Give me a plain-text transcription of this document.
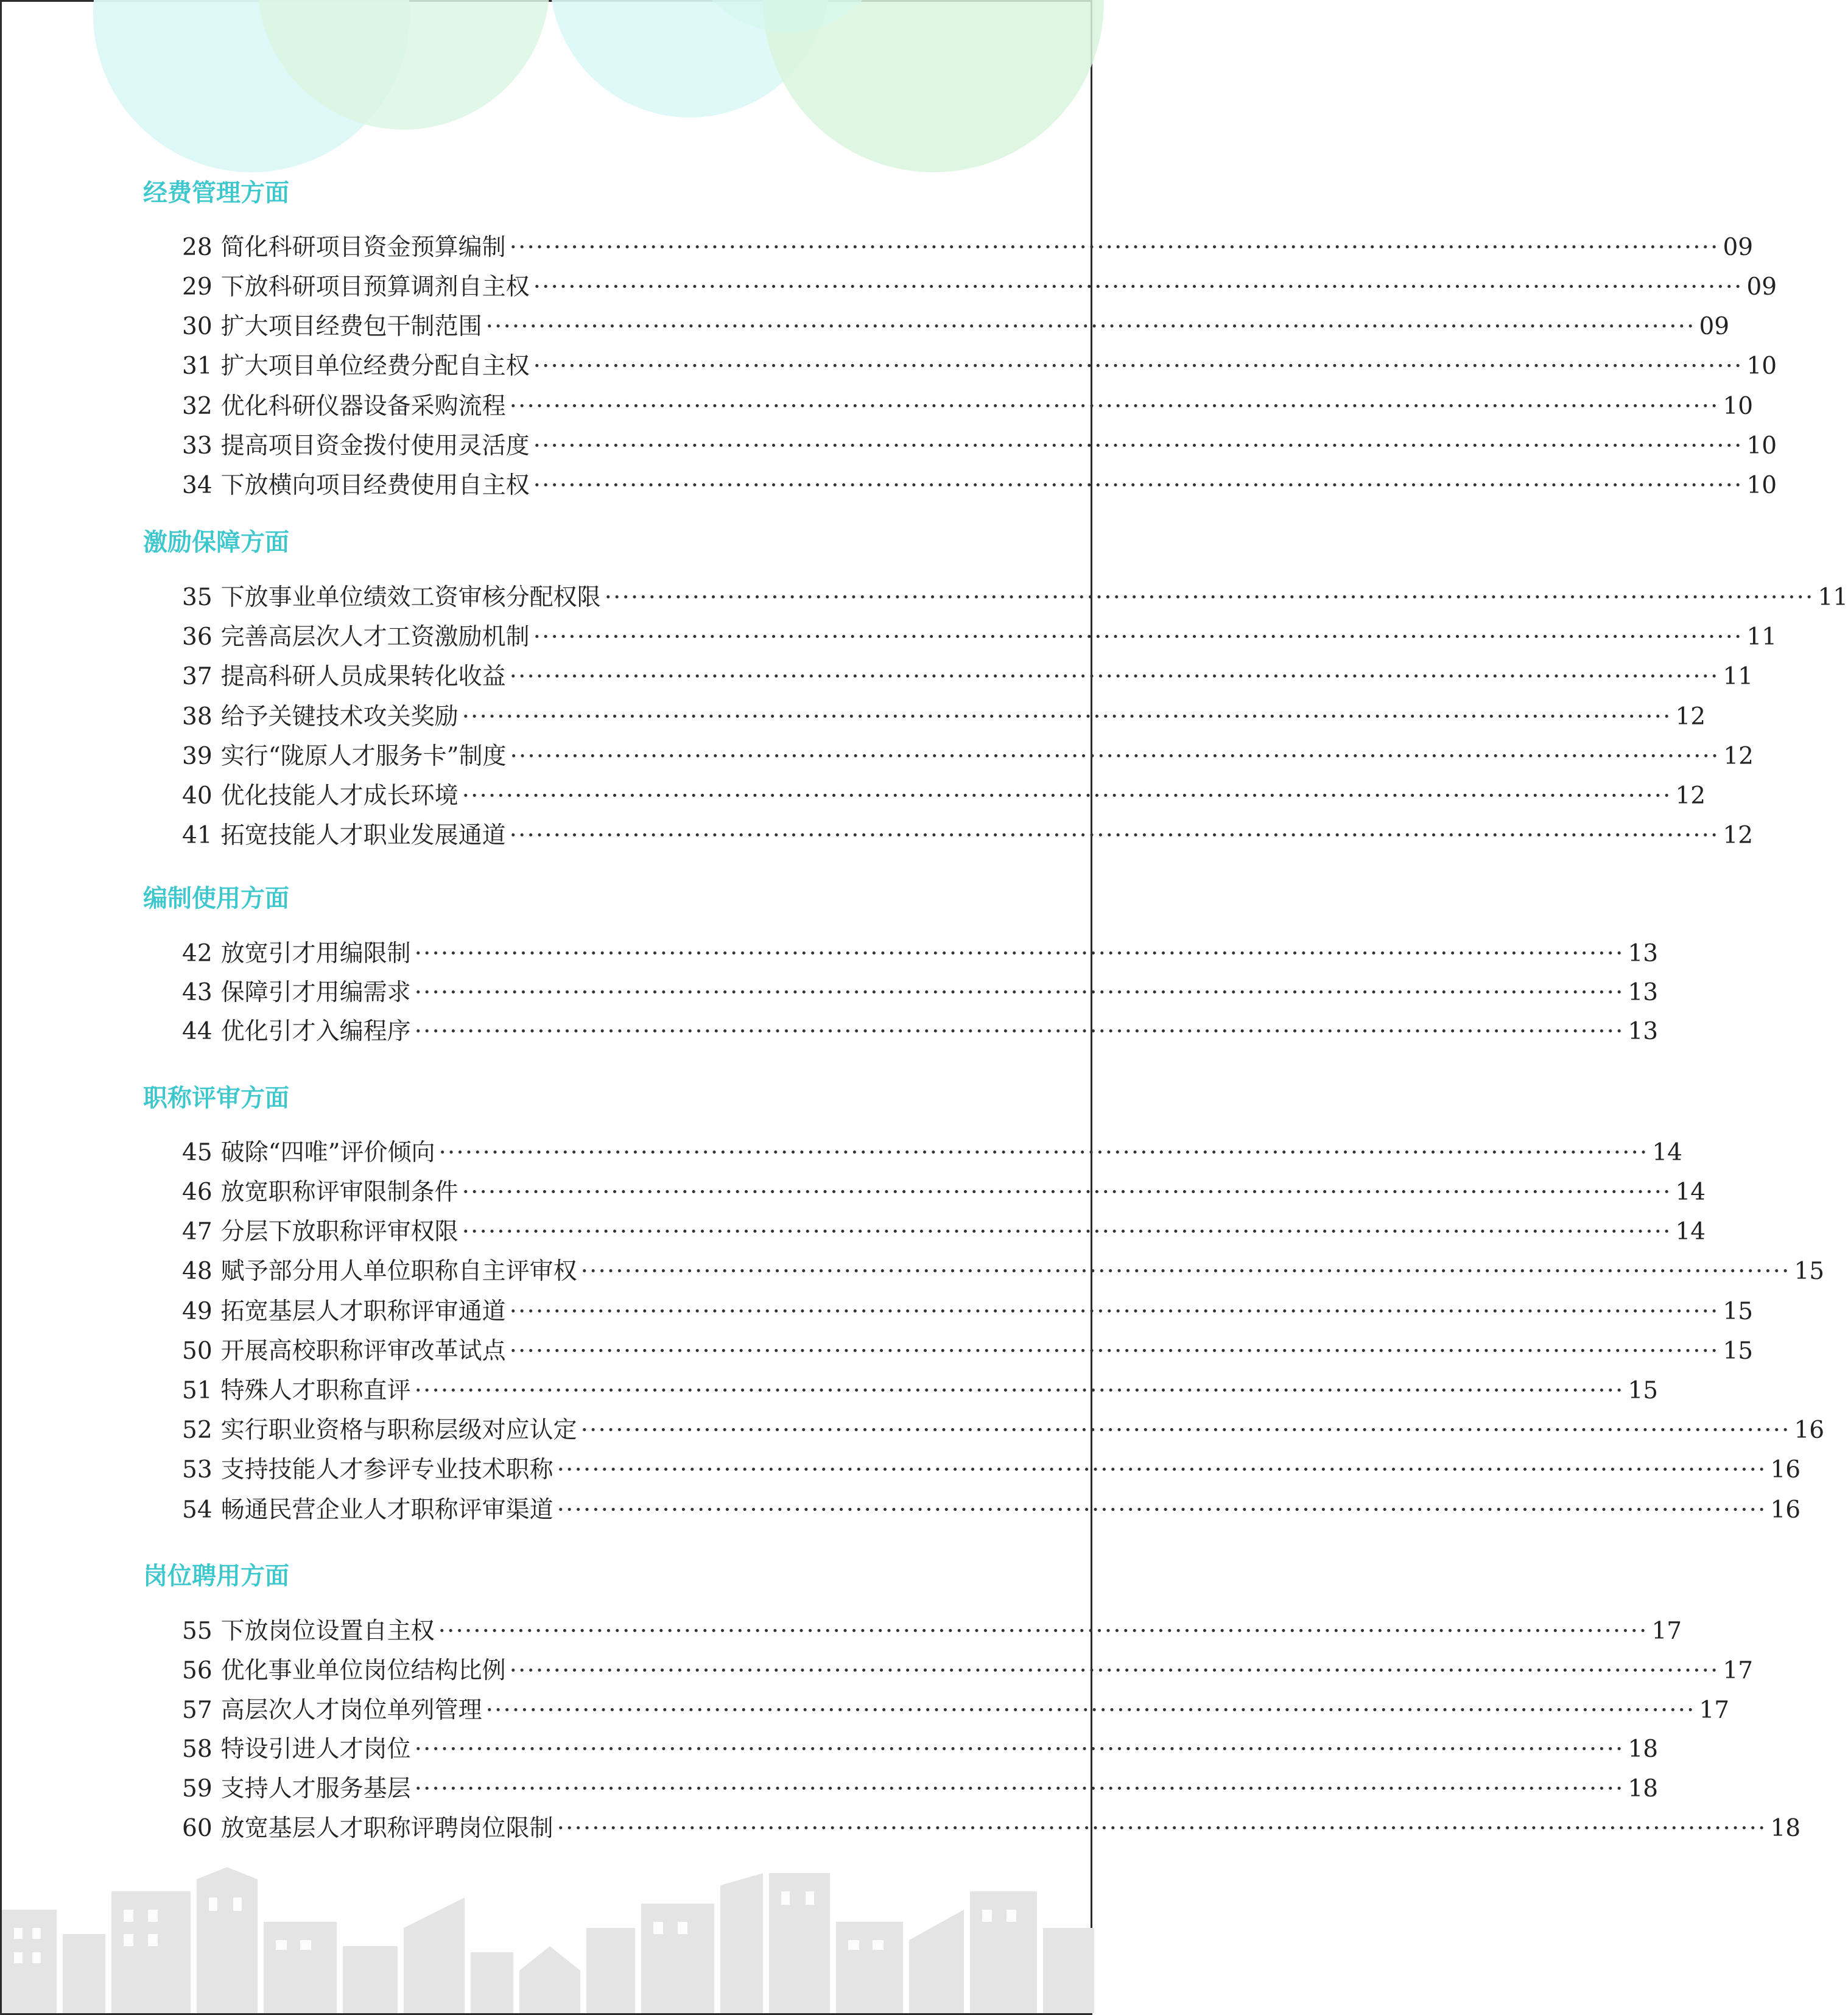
经费管理方面
28 简化科研项目资金预算编制 ·········································································································································· 09
29 下放科研项目预算调剂自主权 ·········································································································································· 09
30 扩大项目经费包干制范围 ·········································································································································· 09
31 扩大项目单位经费分配自主权 ·········································································································································· 10
32 优化科研仪器设备采购流程 ·········································································································································· 10
33 提高项目资金拨付使用灵活度 ·········································································································································· 10
34 下放横向项目经费使用自主权 ·········································································································································· 10
激励保障方面
35 下放事业单位绩效工资审核分配权限 ·········································································································································· 11
36 完善高层次人才工资激励机制 ·········································································································································· 11
37 提高科研人员成果转化收益 ·········································································································································· 11
38 给予关键技术攻关奖励 ·········································································································································· 12
39 实行“陇原人才服务卡”制度 ·········································································································································· 12
40 优化技能人才成长环境 ·········································································································································· 12
41 拓宽技能人才职业发展通道 ·········································································································································· 12
编制使用方面
42 放宽引才用编限制 ·········································································································································· 13
43 保障引才用编需求 ·········································································································································· 13
44 优化引才入编程序 ·········································································································································· 13
职称评审方面
45 破除“四唯”评价倾向 ·········································································································································· 14
46 放宽职称评审限制条件 ·········································································································································· 14
47 分层下放职称评审权限 ·········································································································································· 14
48 赋予部分用人单位职称自主评审权 ·········································································································································· 15
49 拓宽基层人才职称评审通道 ·········································································································································· 15
50 开展高校职称评审改革试点 ·········································································································································· 15
51 特殊人才职称直评 ·········································································································································· 15
52 实行职业资格与职称层级对应认定 ·········································································································································· 16
53 支持技能人才参评专业技术职称 ·········································································································································· 16
54 畅通民营企业人才职称评审渠道 ·········································································································································· 16
岗位聘用方面
55 下放岗位设置自主权 ·········································································································································· 17
56 优化事业单位岗位结构比例 ·········································································································································· 17
57 高层次人才岗位单列管理 ·········································································································································· 17
58 特设引进人才岗位 ·········································································································································· 18
59 支持人才服务基层 ·········································································································································· 18
60 放宽基层人才职称评聘岗位限制 ·········································································································································· 18
